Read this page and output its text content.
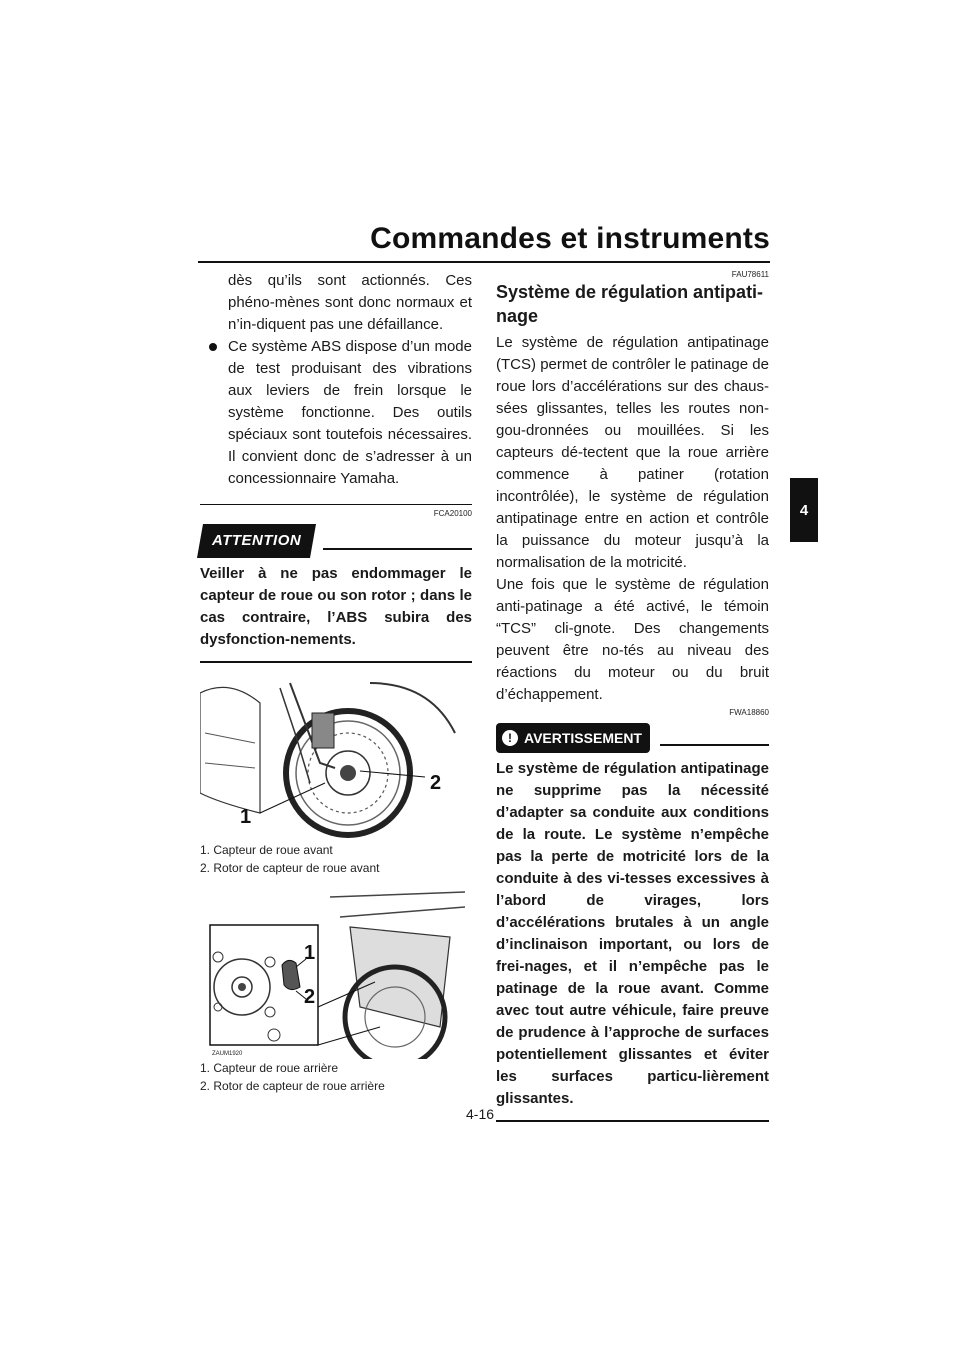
Commandes et instruments
4

dès qu’ils sont actionnés. Ces phéno-mènes sont donc normaux et n’in-diquent pas une défaillance.

Ce système ABS dispose d’un mode de test produisant des vibrations aux leviers de frein lorsque le système fonctionne. Des outils spéciaux sont toutefois nécessaires. Il convient donc de s’adresser à un concessionnaire Yamaha.

FCA20100
ATTENTION

Veiller à ne pas endommager le capteur de roue ou son rotor ; dans le cas contraire, l’ABS subira des dysfonction-nements.

1
2
1. Capteur de roue avant
2. Rotor de capteur de roue avant
1
2
ZAUM1920
1. Capteur de roue arrière
2. Rotor de capteur de roue arrière
FAU78611
Système de régulation antipati-nage

Le système de régulation antipatinage (TCS) permet de contrôler le patinage de roue lors d’accélérations sur des chaus-sées glissantes, telles les routes non-gou-dronnées ou mouillées. Si les capteurs dé-tectent que la roue arrière commence à patiner (rotation incontrôlée), le système de régulation antipatinage entre en action et contrôle la puissance du moteur jusqu’à la normalisation de la motricité.

Une fois que le système de régulation anti-patinage a été activé, le témoin “TCS” cli-gnote. Des changements peuvent être no-tés au niveau des réactions du moteur ou du bruit d’échappement.

FWA18860
! AVERTISSEMENT

Le système de régulation antipatinage ne supprime pas la nécessité d’adapter sa conduite aux conditions de la route. Le système n’empêche pas la perte de motricité lors de la conduite à des vi-tesses excessives à l’abord de virages, lors d’accélérations brutales à un angle d’inclinaison important, ou lors de frei-nages, et il n’empêche pas le patinage de la roue avant. Comme avec tout autre véhicule, faire preuve de prudence à l’approche de surfaces potentiellement glissantes et éviter les surfaces particu-lièrement glissantes.

4-16
